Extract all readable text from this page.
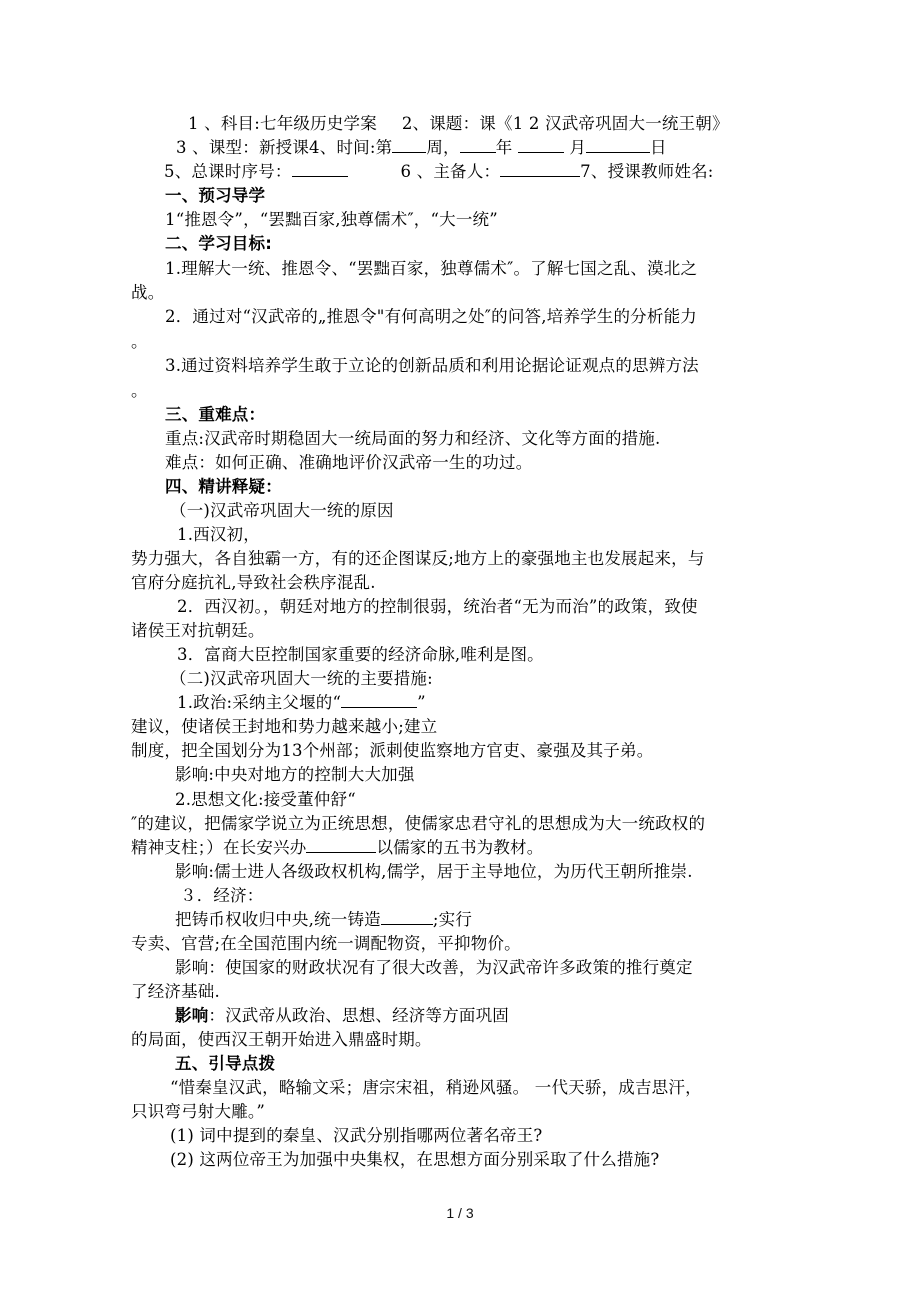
1 、科目:七年级历史学案 2、课题：课《1 2 汉武帝巩固大一统王朝》
3 、课型：新授课4、时间:第 周， 年	月	日
5、总课时序号：	6 、主备人：	7、授课教师姓名:
一、预习导学
1“推恩令”，“罢黜百家,独尊儒术″，“大一统”
二、学习目标:
1.理解大一统、推恩令、“罢黜百家，独尊儒术″。了解七国之乱、漠北之
战。
2．通过对“汉武帝的„推恩令"有何高明之处″的问答,培养学生的分析能力
。
3.通过资料培养学生敢于立论的创新品质和利用论据论证观点的思辨方法
。
三、重难点：
重点:汉武帝时期稳固大一统局面的努力和经济、文化等方面的措施.
难点：如何正确、准确地评价汉武帝一生的功过。
四、精讲释疑：
（一)汉武帝巩固大一统的原因
1.西汉初，
势力强大，各自独霸一方，有的还企图谋反;地方上的豪强地主也发展起来，与
官府分庭抗礼,导致社会秩序混乱.
2．西汉初。，朝廷对地方的控制很弱，统治者“无为而治”的政策，致使
诸侯王对抗朝廷。
3．富商大臣控制国家重要的经济命脉,唯利是图。
（二)汉武帝巩固大一统的主要措施:
1.政治:采纳主父堰的“	”
建议，使诸侯王封地和势力越来越小;建立
制度，把全国划分为13个州部；派刺使监察地方官吏、豪强及其子弟。
影响:中央对地方的控制大大加强
2.思想文化:接受董仲舒“
″的建议，把儒家学说立为正统思想，使儒家忠君守礼的思想成为大一统政权的
精神支柱；）在长安兴办	以儒家的五书为教材。
影响:儒士进人各级政权机构,儒学，居于主导地位，为历代王朝所推崇.
３．经济：
把铸币权收归中央,统一铸造	;实行
专卖、官营;在全国范围内统一调配物资，平抑物价。
影响：使国家的财政状况有了很大改善，为汉武帝许多政策的推行奠定
了经济基础.
影响：汉武帝从政治、思想、经济等方面巩固
的局面，使西汉王朝开始进入鼎盛时期。
五、引导点拨
“惜秦皇汉武，略输文采；唐宗宋祖，稍逊风骚。 一代天骄，成吉思汗，
只识弯弓射大雕。”
(1) 词中提到的秦皇、汉武分别指哪两位著名帝王?
(2) 这两位帝王为加强中央集权，在思想方面分别采取了什么措施?
1 / 3
